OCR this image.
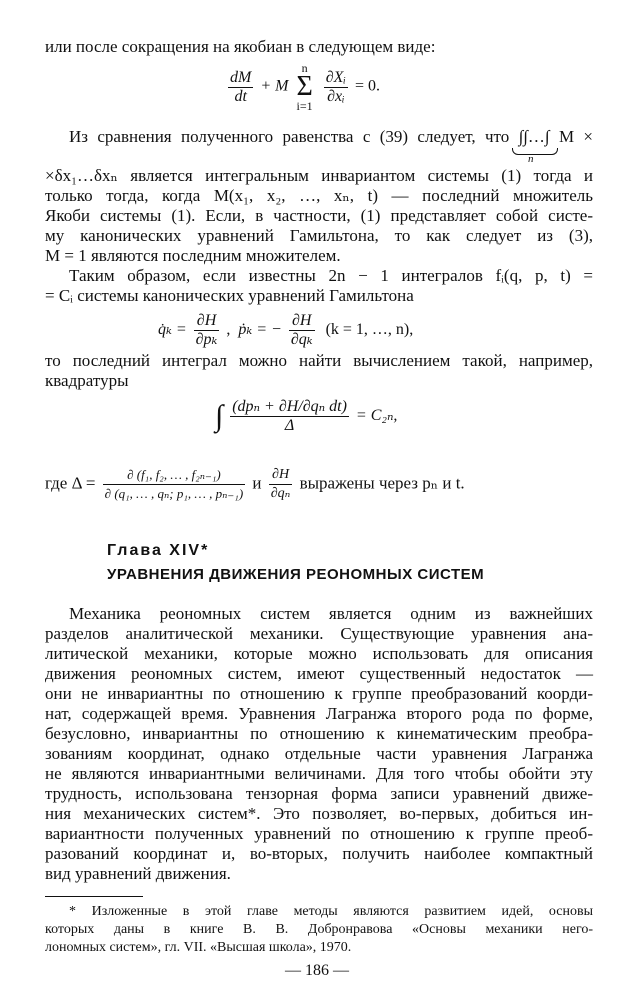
или после сокращения на якобиан в следующем виде:
$\frac{dM}{dt} + M$
n
Σ
i=1

$\frac{\text{∂Xᵢ}}{\text{∂xᵢ}} = 0$.
Из сравнения полученного равенства с (39) следует, что ∫∫…∫ M ×
n
×δx₁…δxₙ является интегральным инвариантом системы (1) тогда и
только тогда, когда M(x₁, x₂, …, xₙ, t) — последний множитель
Якоби системы (1). Если, в частности, (1) представляет собой систе-
му канонических уравнений Гамильтона, то как следует из (3),
M = 1 являются последним множителем.
Таким образом, если известны 2n − 1 интегралов fᵢ(q, p, t) =
= Cᵢ системы канонических уравнений Гамильтона
q̇ₖ = $\frac{\partial H}{\text{∂pₖ}}$ , ṗₖ = − $\frac{\partial H}{\text{∂qₖ}} (k = 1$, …, n),
то последний интеграл можно найти вычислением такой, например,
квадратуры
∫ $\frac{\text{(dpₙ + ∂H/∂qₙ dt)}}{\Delta} = C_{2n}$,
где $\Delta = \frac{\text{∂ (f₁, f₂, … , f₂ₙ₋₁)}}{\text{∂ (q₁, … , qₙ; p₁, … , pₙ₋₁)}}$ и $\frac{\partial H}{\text{∂qₙ}}$ выражены через pₙ и t.
Глава XIV*
УРАВНЕНИЯ ДВИЖЕНИЯ РЕОНОМНЫХ СИСТЕМ
Механика реономных систем является одним из важнейших
разделов аналитической механики. Существующие уравнения ана-
литической механики, которые можно использовать для описания
движения реономных систем, имеют существенный недостаток —
они не инвариантны по отношению к группе преобразований коорди-
нат, содержащей время. Уравнения Лагранжа второго рода по форме,
безусловно, инвариантны по отношению к кинематическим преобра-
зованиям координат, однако отдельные части уравнения Лагранжа
не являются инвариантными величинами. Для того чтобы обойти эту
трудность, использована тензорная форма записи уравнений движе-
ния механических систем*. Это позволяет, во-первых, добиться ин-
вариантности полученных уравнений по отношению к группе преоб-
разований координат и, во-вторых, получить наиболее компактный
вид уравнений движения.
* Изложенные в этой главе методы являются развитием идей, основы
которых даны в книге В. В. Добронравова «Основы механики него-
лономных систем», гл. VII. «Высшая школа», 1970.
— 186 —
